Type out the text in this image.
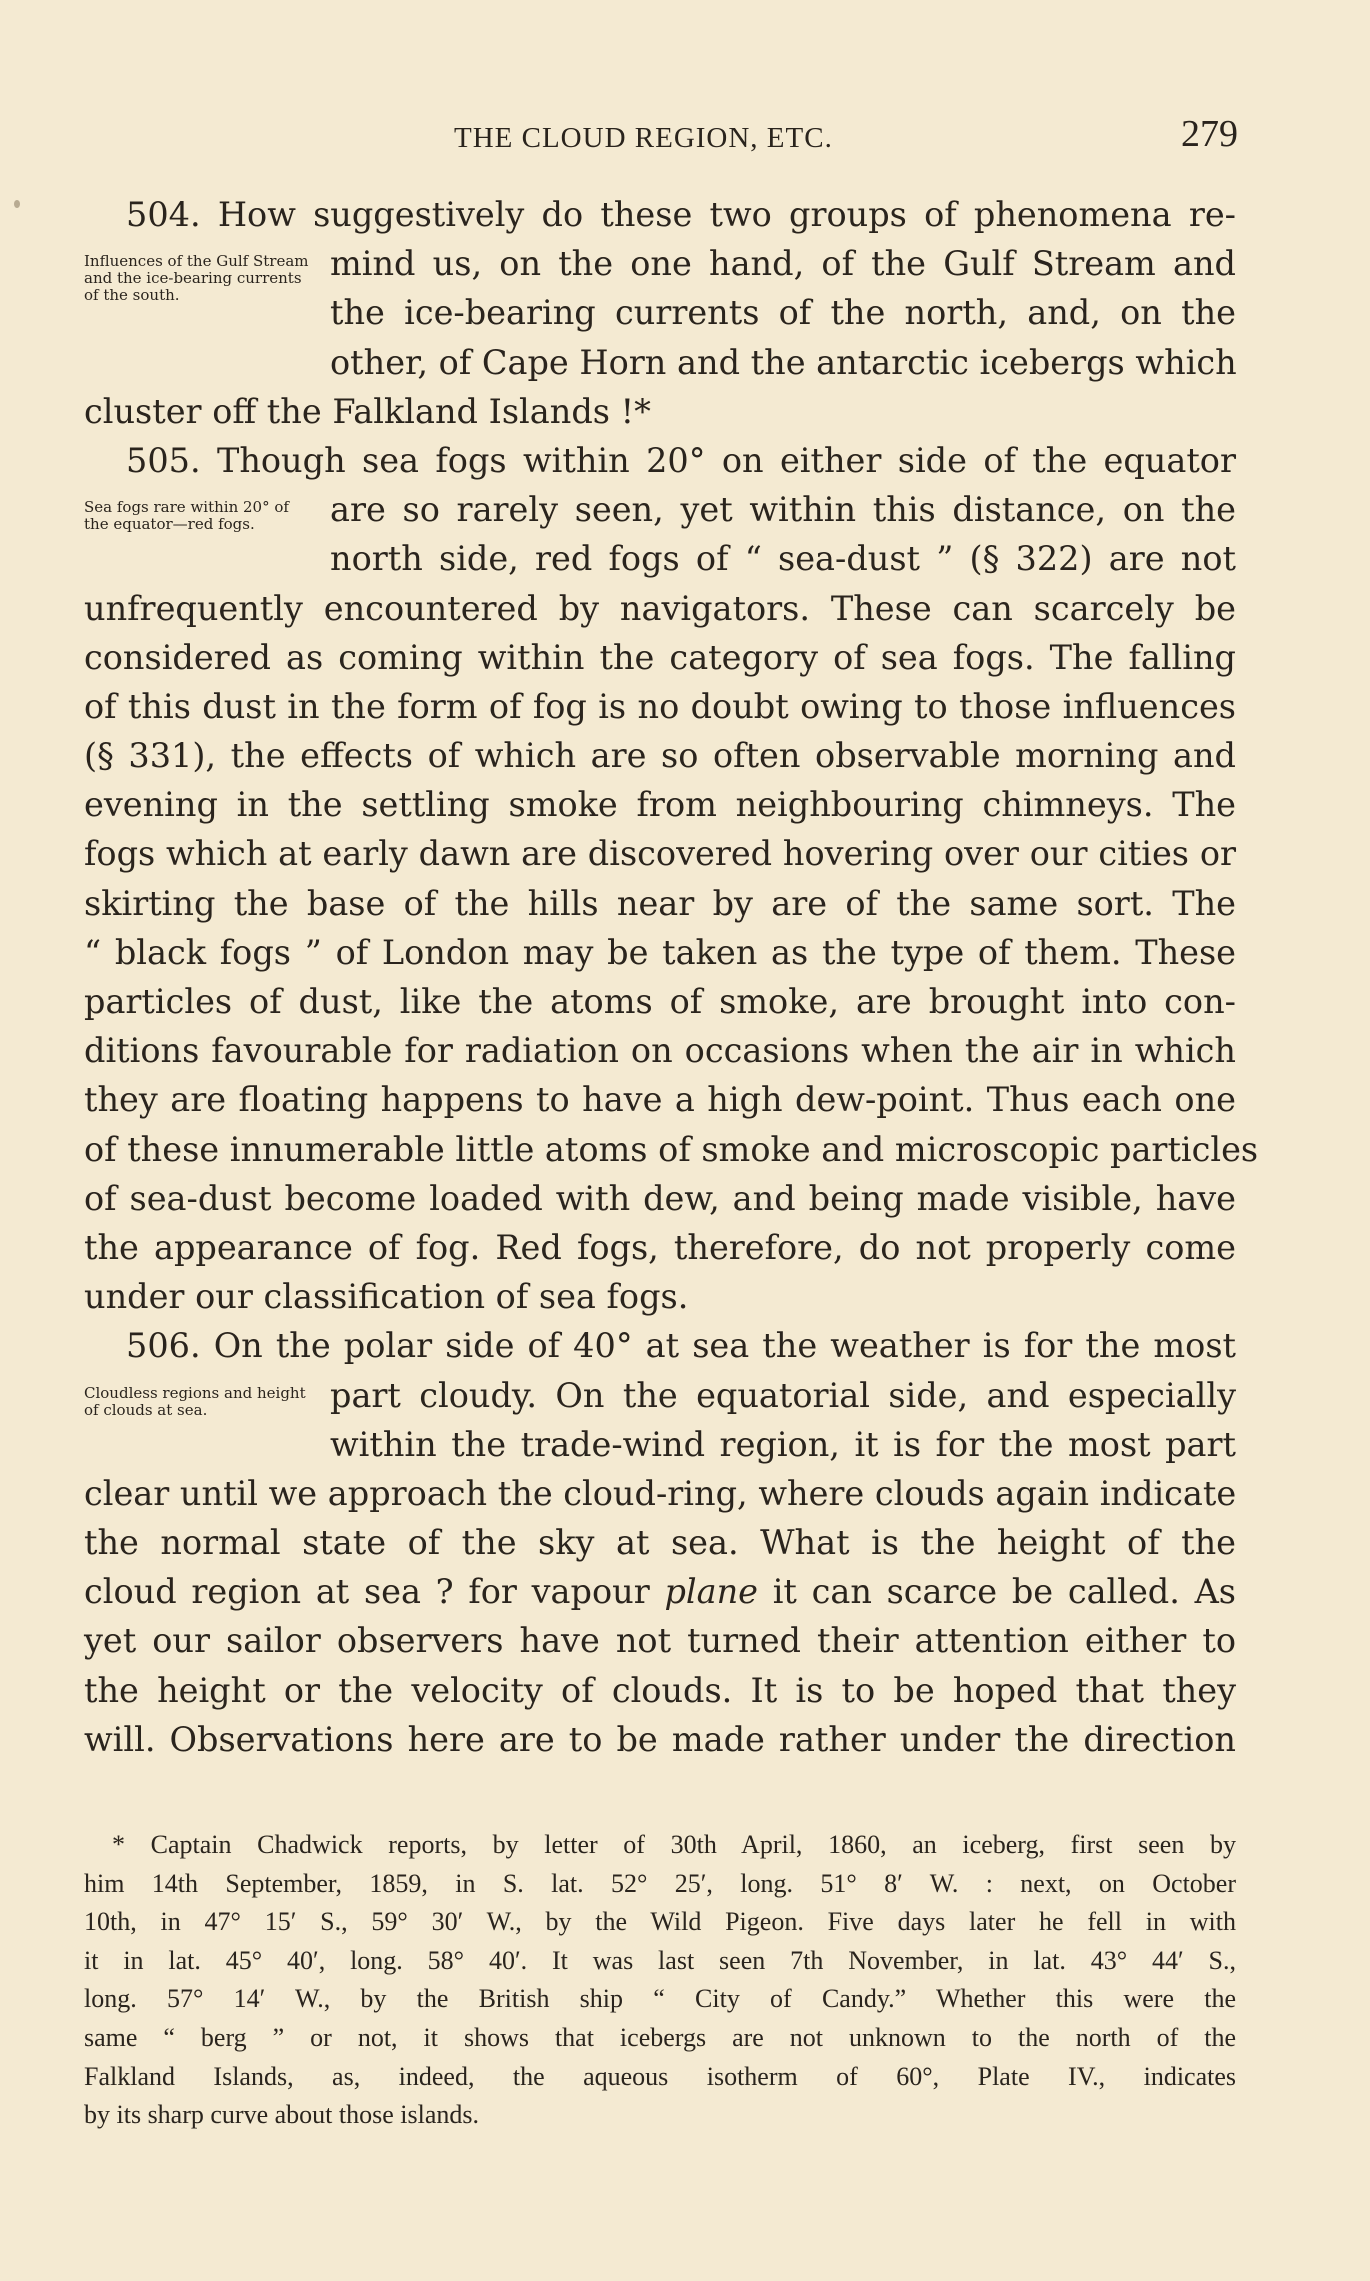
THE CLOUD REGION, ETC.	279
504. How suggestively do these two groups of phenomena re-
Influences of the Gulf Stream and the ice-bearing currents of the south.
mind us, on the one hand, of the Gulf Stream and
the ice-bearing currents of the north, and, on the
other, of Cape Horn and the antarctic icebergs which
cluster off the Falkland Islands !*
505. Though sea fogs within 20° on either side of the equator
Sea fogs rare within 20° of the equator—red fogs.	are so rarely seen, yet within this distance, on the
north side, red fogs of “ sea-dust ” (§ 322) are not
unfrequently encountered by navigators. These can scarcely be
considered as coming within the category of sea fogs. The falling
of this dust in the form of fog is no doubt owing to those influences
(§ 331), the effects of which are so often observable morning and
evening in the settling smoke from neighbouring chimneys. The
fogs which at early dawn are discovered hovering over our cities or
skirting the base of the hills near by are of the same sort. The
“ black fogs ” of London may be taken as the type of them. These
particles of dust, like the atoms of smoke, are brought into con-
ditions favourable for radiation on occasions when the air in which
they are floating happens to have a high dew-point. Thus each one
of these innumerable little atoms of smoke and microscopic particles
of sea-dust become loaded with dew, and being made visible, have
the appearance of fog. Red fogs, therefore, do not properly come
under our classification of sea fogs.
506. On the polar side of 40° at sea the weather is for the most
Cloudless regions and height of clouds at sea.	part cloudy. On the equatorial side, and especially
within the trade-wind region, it is for the most part
clear until we approach the cloud-ring, where clouds again indicate
the normal state of the sky at sea. What is the height of the
cloud region at sea ? for vapour plane it can scarce be called. As
yet our sailor observers have not turned their attention either to
the height or the velocity of clouds. It is to be hoped that they
will. Observations here are to be made rather under the direction
* Captain Chadwick reports, by letter of 30th April, 1860, an iceberg, first seen by
him 14th September, 1859, in S. lat. 52° 25′, long. 51° 8′ W. : next, on October
10th, in 47° 15′ S., 59° 30′ W., by the Wild Pigeon. Five days later he fell in with
it in lat. 45° 40′, long. 58° 40′. It was last seen 7th November, in lat. 43° 44′ S.,
long. 57° 14′ W., by the British ship “ City of Candy.” Whether this were the
same “ berg ” or not, it shows that icebergs are not unknown to the north of the
Falkland Islands, as, indeed, the aqueous isotherm of 60°, Plate IV., indicates
by its sharp curve about those islands.
